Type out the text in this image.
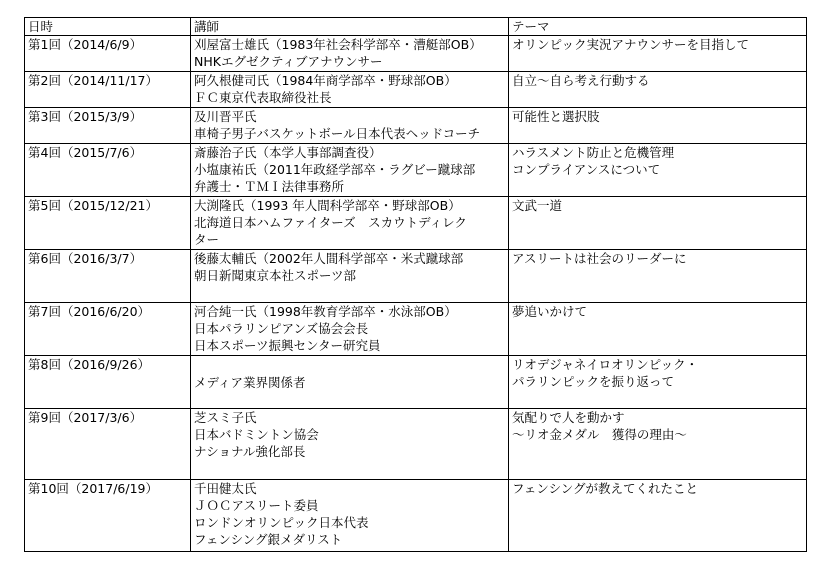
日時	講師	テーマ

第1回（2014/6/9）	刈屋富士雄氏（1983年社会科学部卒・漕艇部OB）
NHKエグゼクティブアナウンサー	オリンピック実況アナウンサーを目指して

第2回（2014/11/17）	阿久根健司氏（1984年商学部卒・野球部OB）
ＦＣ東京代表取締役社長	自立～自ら考え行動する

第3回（2015/3/9）	及川晋平氏
車椅子男子バスケットボール日本代表ヘッドコーチ	可能性と選択肢

第4回（2015/7/6）	斎藤治子氏（本学人事部調査役）
小塩康祐氏（2011年政経学部卒・ラグビー蹴球部
弁護士・ＴＭＩ法律事務所	ハラスメント防止と危機管理
コンプライアンスについて

第5回（2015/12/21）	大渕隆氏（1993 年人間科学部卒・野球部OB）
北海道日本ハムファイターズ　スカウトディレク
ター	文武一道

第6回（2016/3/7）	後藤太輔氏（2002年人間科学部卒・米式蹴球部
朝日新聞東京本社スポーツ部	アスリートは社会のリーダーに

第7回（2016/6/20）	河合純一氏（1998年教育学部卒・水泳部OB）
日本パラリンピアンズ協会会長
日本スポーツ振興センター研究員	夢追いかけて

第8回（2016/9/26）	メディア業界関係者	リオデジャネイロオリンピック・
パラリンピックを振り返って

第9回（2017/3/6）	芝スミ子氏
日本バドミントン協会
ナショナル強化部長	気配りで人を動かす
～リオ金メダル　獲得の理由～

第10回（2017/6/19）	千田健太氏
ＪＯＣアスリート委員
ロンドンオリンピック日本代表
フェンシング銀メダリスト	フェンシングが教えてくれたこと
